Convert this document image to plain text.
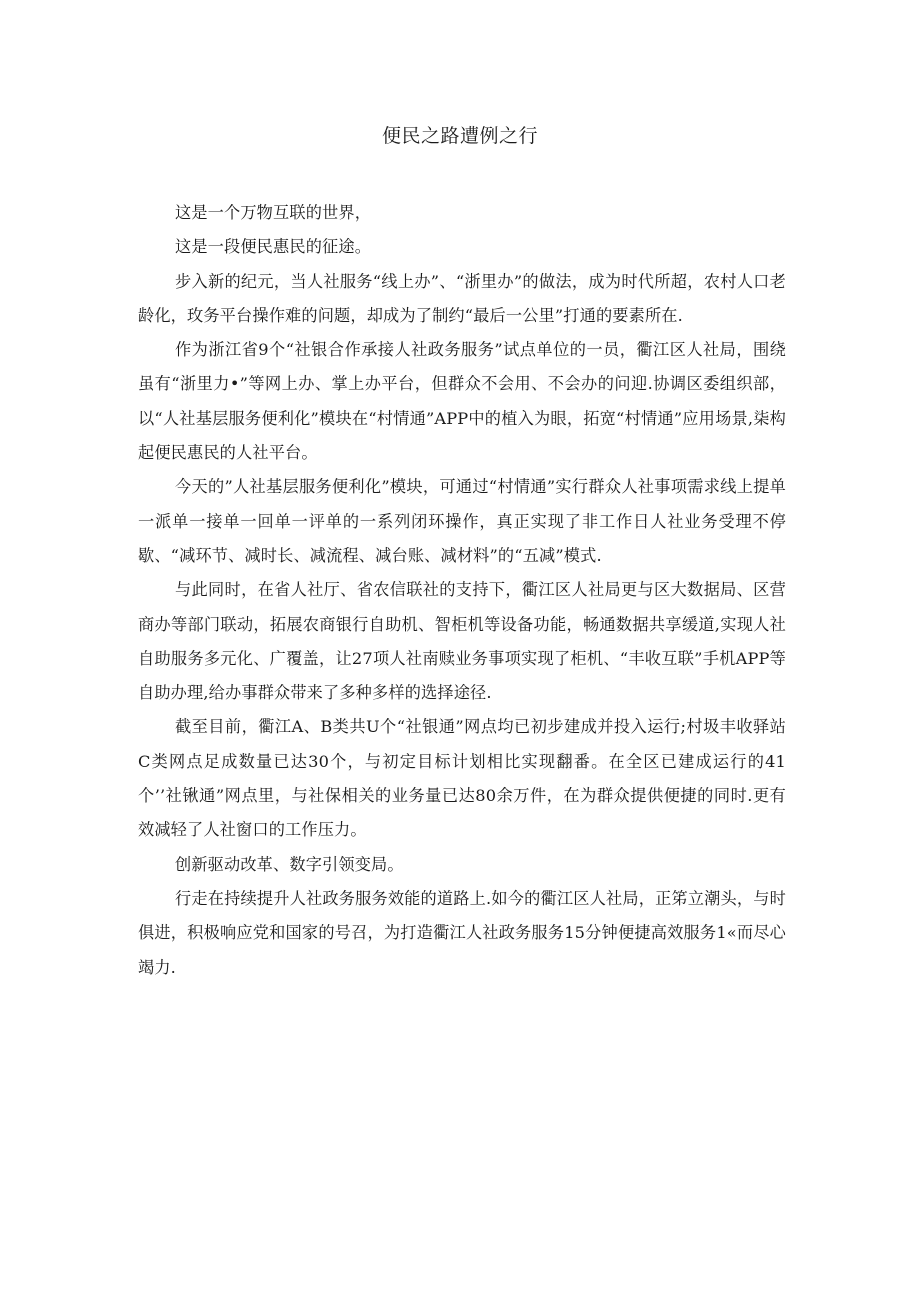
便民之路遭例之行

这是一个万物互联的世界，

这是一段便民惠民的征途。

步入新的纪元，当人社服务“线上办”、“浙里办”的做法，成为时代所超，农村人口老龄化，玫务平台操作难的问题，却成为了制约“最后一公里”打通的要素所在.

作为浙江省9个“社银合作承接人社政务服务”试点单位的一员，衢江区人社局，围绕虽有“浙里力•”等网上办、掌上办平台，但群众不会用、不会办的问迎.协调区委组织部，以“人社基层服务便利化”模块在“村情通”APP中的植入为眼，拓宽“村情通”应用场景,柒构起便民惠民的人社平台。

今天的”人社基层服务便利化”模块，可通过“村情通”实行群众人社事项需求线上提单一派单一接单一回单一评单的一系列闭环操作，真正实现了非工作日人社业务受理不停歇、“减环节、减时长、减流程、减台账、减材料”的“五减”模式.

与此同时，在省人社厅、省农信联社的支持下，衢江区人社局更与区大数据局、区营商办等部门联动，拓展农商银行自助机、智柜机等设备功能，畅通数据共享缓道,实现人社自助服务多元化、广覆盖，让27项人社南赎业务事项实现了柜机、“丰收互联”手机APP等自助办理,给办事群众带来了多种多样的选择途径.

截至目前，衢江A、B类共U个“社银通”网点均已初步建成并投入运行;村圾丰收驿站C类网点足成数量已达30个，与初定目标计划相比实现翻番。在全区已建成运行的41个’’社锹通”网点里，与社保相关的业务量已达80余万件，在为群众提供便捷的同时.更有效减轻了人社窗口的工作压力。

创新驱动改革、数字引领变局。

行走在持续提升人社政务服务效能的道路上.如今的衢江区人社局，正笫立潮头，与时俱进，积极响应党和国家的号召，为打造衢江人社政务服务15分钟便捷高效服务1«而尽心竭力.
